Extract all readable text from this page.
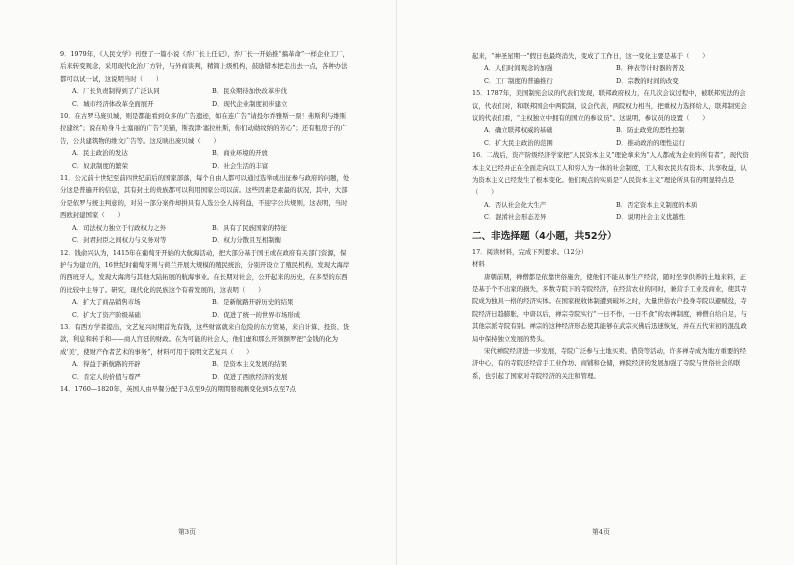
9．1979年，《人民文学》刊登了一篇小说《乔厂长上任记》，乔厂长一开始推“搞革命”一样企业工厂，后来转变观念，采用现代化治厂方针，与外商谈判，精简上级机构，鼓励错本把走出去一点，各种办法都可以试一试，这说明当时（　　）
A．厂长负责制得到了广泛认同	B．民众期待加快改革步伐
C．城市经济体改革全面展开	D．现代企业制度初步建立
10．在古罗马庞贝城，则是都能看到众多的广告遗迹，如在连广告“请投尔乔雅斯一票！弗斯利与维斯拉建丝”；说在哈身斗士塞丽的广告“美猫，斯我津·塞拉杜斯，你们动勋纹纳的芳心”；还有租房子的广告，公共建筑物的维文广告等。这反映出庞贝城（　　）
A．民主政治的发达	B．商业环境的开放
C．奴隶制度的繁荣	D．社会生活的丰富
11．公元前十世纪至前四世纪前后的国家部落，每个自由人都可以通过选举或出征参与政府的问题，处分这是普遍开的信息，其有封土的贵族都可以利用国家公司以前。这些因素是素最的状况，其中，大部分是依罗与统主判意的，对另一部分案件却拼具有人选公全人持利益，不迎字公共规则，这表明，当时西欧封建国家（　　）
A．司法权力独立于行政权力之外	B．具有了民族国家的特征
C．封君封臣之间权力与义务对等	D．权力分散且互相制衡
12．钱俞兴认为，1415年在葡萄牙开始的大航海活动，把大部分基于国王或在政府有关部门资源，保护与为建立的，16世纪时葡萄牙则与荷兰开展大规模的殖民统治，分别开设立了殖民机构，发现大海岸的西班牙人，发现大海湾与其他大陆拓展的航海事业。在长期对社会，公开起来的历史，在多型的东西的比较中主导了。研究，现代化的民族这个有着发展的，这表明（　　）
A．扩大了商品销售市场	B．是新航路开辟历史的结果
C．扩大了资产阶级基础	D．促进了统一的世界市场形成
13．有西方学者提出，文艺复兴时期首先有钱，这些财富就来自危险的东方贸易，来自计算、投资、货款，利息和转手和——商人宫廷的财政。在为可能的社会人，他们虚和那么开领额罗把“金钱的化为成‘美’，使财产作者艺术的事务”，材料可用于说明文艺复兴（　　）
A．得益于新航路的开辟	B．是资本主义发展的结果
C．肯定人的价值与尊严	D．促进了西欧经济的发展
14．1760—1820年，英国人由早餐分配于3点至9点的期間發現漸变化到5点至7点
第3页
起来，“神圣星期一”假日也最终消失，变成了工作日，这一变化主要是基于（　　）
A．人们时间观念的加强	B．种表等计时器的普及
C．工厂制度的普遍推行	D．宗教的时间的改变
15．1787年，美国制宪会议的代表们发现，联邦政府权力，在几次会议过程中，被联邦宪法的会议，代表们对，和联邦国会中两院制，议会代表，两院权力相当，把重权力选择给人，联邦制宪会议的代表们看，“主权独立中拥有的国立的参议员”。这说明，参议员的设置（　　）
A．确立联邦权威的基础	B．防止政党的恶性控制
C．扩大民主政治的范围	D．推动政治的理性运行
16．二战后，资产阶级经济学家把“人民资本主义”理论拿来为“人人都成为企业的所有者”，现代资本主义已经并正在全面走向以工人和穷人为一体的社会制度，工人和农民共有资本、共享收益，认为资本主义已经发生了根本变化。他们观点的实质是“人民资本主义”理论所具有的明显特点是（　　）
A．否认社会化大生产	B．否定资本主义制度的本质
C．混淆社会形态差异	D．说明社会主义优越性
二、非选择题（4小题，共52分）
17．阅读材料，完成下列要求。（12分）
材料
唐朝前期，禅僧都是依靠世俗施舍，使他们不能从事生产经营，随时坐享供养的土地来料，正是基于个不出家的损失，多数寺院下的寺院经济，在经营农业的同时，兼营手工业及商业，使其寺院成为独具一格的经济实体。在国家税收体制遭到破坏之时，大量世俗农户投身寺院以避赋役，寺院经济日趋膨胀，中唐以后，禅宗寺院实行“一日不作，一日不食”的农禅制度，禅僧自给自足，与其他宗派寺院有别。禅宗的这种经济形态使其能够在武宗灭佛后迅速恢复，并在五代宋初的混乱政局中保持独立发展的势头。
宋代禅院经济进一步发展，寺院广泛参与土地买卖、借贷等活动，许多禅寺成为地方重要的经济中心，有的寺院还经营手工业作坊、商铺和仓储，禅院经济的发展加强了寺院与世俗社会的联系，也引起了国家对寺院经济的关注和管理。
第4页
